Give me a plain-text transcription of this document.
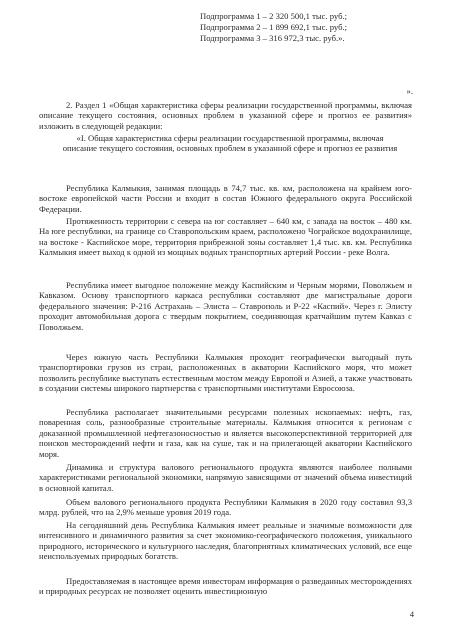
Подпрограмма 1 – 2 320 500,1 тыс. руб.;
Подпрограмма 2 – 1 899 692,1 тыс. руб.;
Подпрограмма 3 – 316 972,3 тыс. руб.».
».

2. Раздел 1 «Общая характеристика сферы реализации государственной программы, включая описание текущего состояния, основных проблем в указанной сфере и прогноз ее развития» изложить в следующей редакции:

«I. Общая характеристика сферы реализации государственной программы, включая описание текущего состояния, основных проблем в указанной сфере и прогноз ее развития

Республика Калмыкия, занимая площадь в 74,7 тыс. кв. км, расположена на крайнем юго-востоке европейской части России и входит в состав Южного федерального округа Российской Федерации.

Протяженность территории с севера на юг составляет – 640 км, с запада на восток – 480 км. На юге республики, на границе со Ставропольским краем, расположено Чограйское водохранилище, на востоке - Каспийское море, территория прибрежной зоны составляет 1,4 тыс. кв. км. Республика Калмыкия имеет выход к одной из мощных водных транспортных артерий России - реке Волга.

Республика имеет выгодное положение между Каспийским и Черным морями, Поволжьем и Кавказом. Основу транспортного каркаса республики составляют две магистральные дороги федерального значения: Р-216 Астрахань – Элиста – Ставрополь и Р-22 «Каспий». Через г. Элисту проходит автомобильная дорога с твердым покрытием, соединяющая кратчайшим путем Кавказ с Поволжьем.

Через южную часть Республики Калмыкия проходит географически выгодный путь транспортировки грузов из стран, расположенных в акватории Каспийского моря, что может позволить республике выступать естественным мостом между Европой и Азией, а также участвовать в создании системы широкого партнерства с транспортными институтами Евросоюза.

Республика располагает значительными ресурсами полезных ископаемых: нефть, газ, поваренная соль, разнообразные строительные материалы. Калмыкия относится к регионам с доказанной промышленной нефтегазоносностью и является высокоперспективной территорией для поисков месторождений нефти и газа, как на суше, так и на прилегающей акватории Каспийского моря.

Динамика и структура валового регионального продукта являются наиболее полными характеристиками региональной экономики, напрямую зависящими от значений объема инвестиций в основной капитал.

Объем валового регионального продукта Республики Калмыкия в 2020 году составил 93,3 млрд. рублей, что на 2,9% меньше уровня 2019 года.

На сегодняшний день Республика Калмыкия имеет реальные и значимые возможности для интенсивного и динамичного развития за счет экономико-географического положения, уникального природного, исторического и культурного наследия, благоприятных климатических условий, все еще неиспользуемых природных богатств.

Предоставляемая в настоящее время инвесторам информация о разведанных месторождениях и природных ресурсах не позволяет оценить инвестиционную

4
